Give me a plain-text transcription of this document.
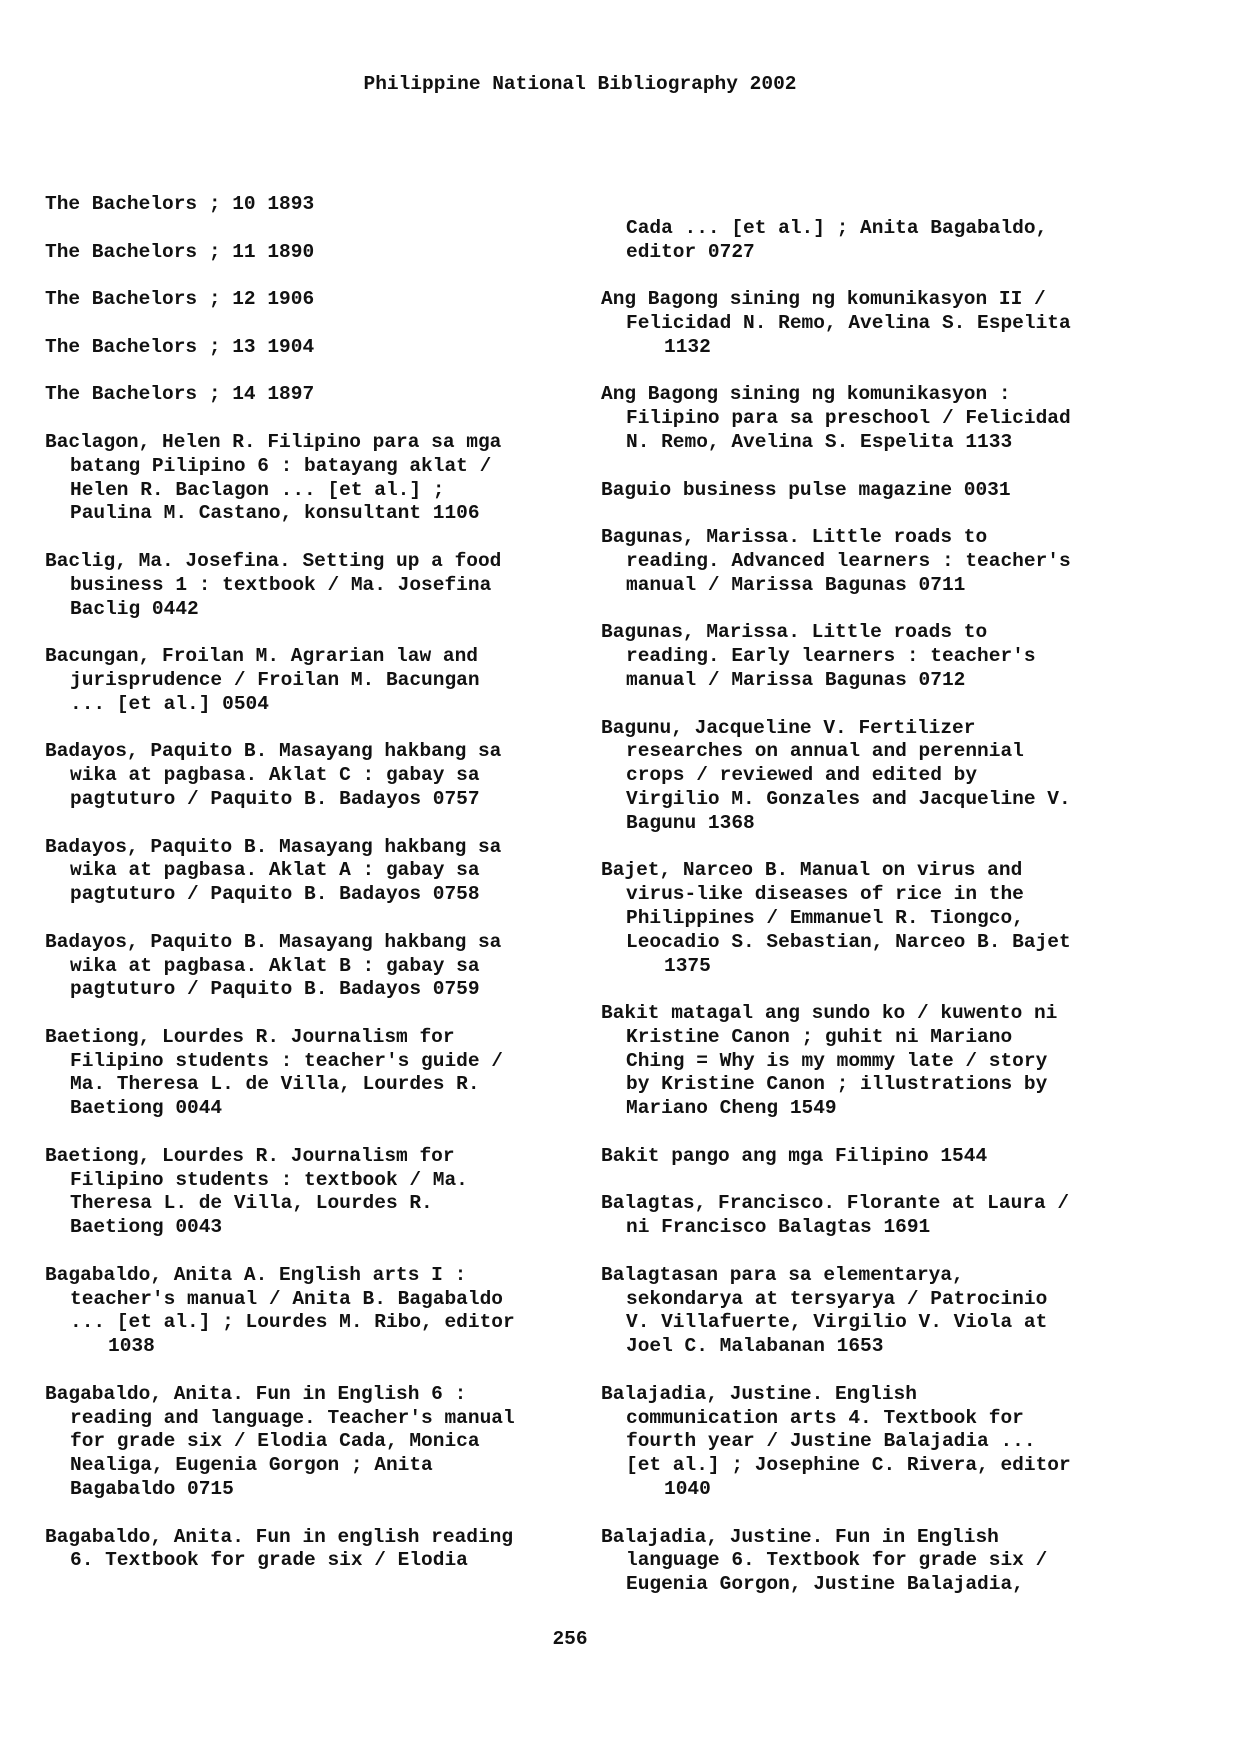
Philippine National Bibliography 2002
The Bachelors ; 10 1893
The Bachelors ; 11 1890
The Bachelors ; 12 1906
The Bachelors ; 13 1904
The Bachelors ; 14 1897
Baclagon, Helen R. Filipino para sa mga
batang Pilipino 6 : batayang aklat /
Helen R. Baclagon ... [et al.] ;
Paulina M. Castano, konsultant 1106
Baclig, Ma. Josefina. Setting up a food
business 1 : textbook / Ma. Josefina
Baclig 0442
Bacungan, Froilan M. Agrarian law and
jurisprudence / Froilan M. Bacungan
... [et al.] 0504
Badayos, Paquito B. Masayang hakbang sa
wika at pagbasa. Aklat C : gabay sa
pagtuturo / Paquito B. Badayos 0757
Badayos, Paquito B. Masayang hakbang sa
wika at pagbasa. Aklat A : gabay sa
pagtuturo / Paquito B. Badayos 0758
Badayos, Paquito B. Masayang hakbang sa
wika at pagbasa. Aklat B : gabay sa
pagtuturo / Paquito B. Badayos 0759
Baetiong, Lourdes R. Journalism for
Filipino students : teacher's guide /
Ma. Theresa L. de Villa, Lourdes R.
Baetiong 0044
Baetiong, Lourdes R. Journalism for
Filipino students : textbook / Ma.
Theresa L. de Villa, Lourdes R.
Baetiong 0043
Bagabaldo, Anita A. English arts I :
teacher's manual / Anita B. Bagabaldo
... [et al.] ; Lourdes M. Ribo, editor
1038
Bagabaldo, Anita. Fun in English 6 :
reading and language. Teacher's manual
for grade six / Elodia Cada, Monica
Nealiga, Eugenia Gorgon ; Anita
Bagabaldo 0715
Bagabaldo, Anita. Fun in english reading
6. Textbook for grade six / Elodia
Cada ... [et al.] ; Anita Bagabaldo,
editor 0727
Ang Bagong sining ng komunikasyon II /
Felicidad N. Remo, Avelina S. Espelita
1132
Ang Bagong sining ng komunikasyon :
Filipino para sa preschool / Felicidad
N. Remo, Avelina S. Espelita 1133
Baguio business pulse magazine 0031
Bagunas, Marissa. Little roads to
reading. Advanced learners : teacher's
manual / Marissa Bagunas 0711
Bagunas, Marissa. Little roads to
reading. Early learners : teacher's
manual / Marissa Bagunas 0712
Bagunu, Jacqueline V. Fertilizer
researches on annual and perennial
crops / reviewed and edited by
Virgilio M. Gonzales and Jacqueline V.
Bagunu 1368
Bajet, Narceo B. Manual on virus and
virus-like diseases of rice in the
Philippines / Emmanuel R. Tiongco,
Leocadio S. Sebastian, Narceo B. Bajet
1375
Bakit matagal ang sundo ko / kuwento ni
Kristine Canon ; guhit ni Mariano
Ching = Why is my mommy late / story
by Kristine Canon ; illustrations by
Mariano Cheng 1549
Bakit pango ang mga Filipino 1544
Balagtas, Francisco. Florante at Laura /
ni Francisco Balagtas 1691
Balagtasan para sa elementarya,
sekondarya at tersyarya / Patrocinio
V. Villafuerte, Virgilio V. Viola at
Joel C. Malabanan 1653
Balajadia, Justine. English
communication arts 4. Textbook for
fourth year / Justine Balajadia ...
[et al.] ; Josephine C. Rivera, editor
1040
Balajadia, Justine. Fun in English
language 6. Textbook for grade six /
Eugenia Gorgon, Justine Balajadia,
256
